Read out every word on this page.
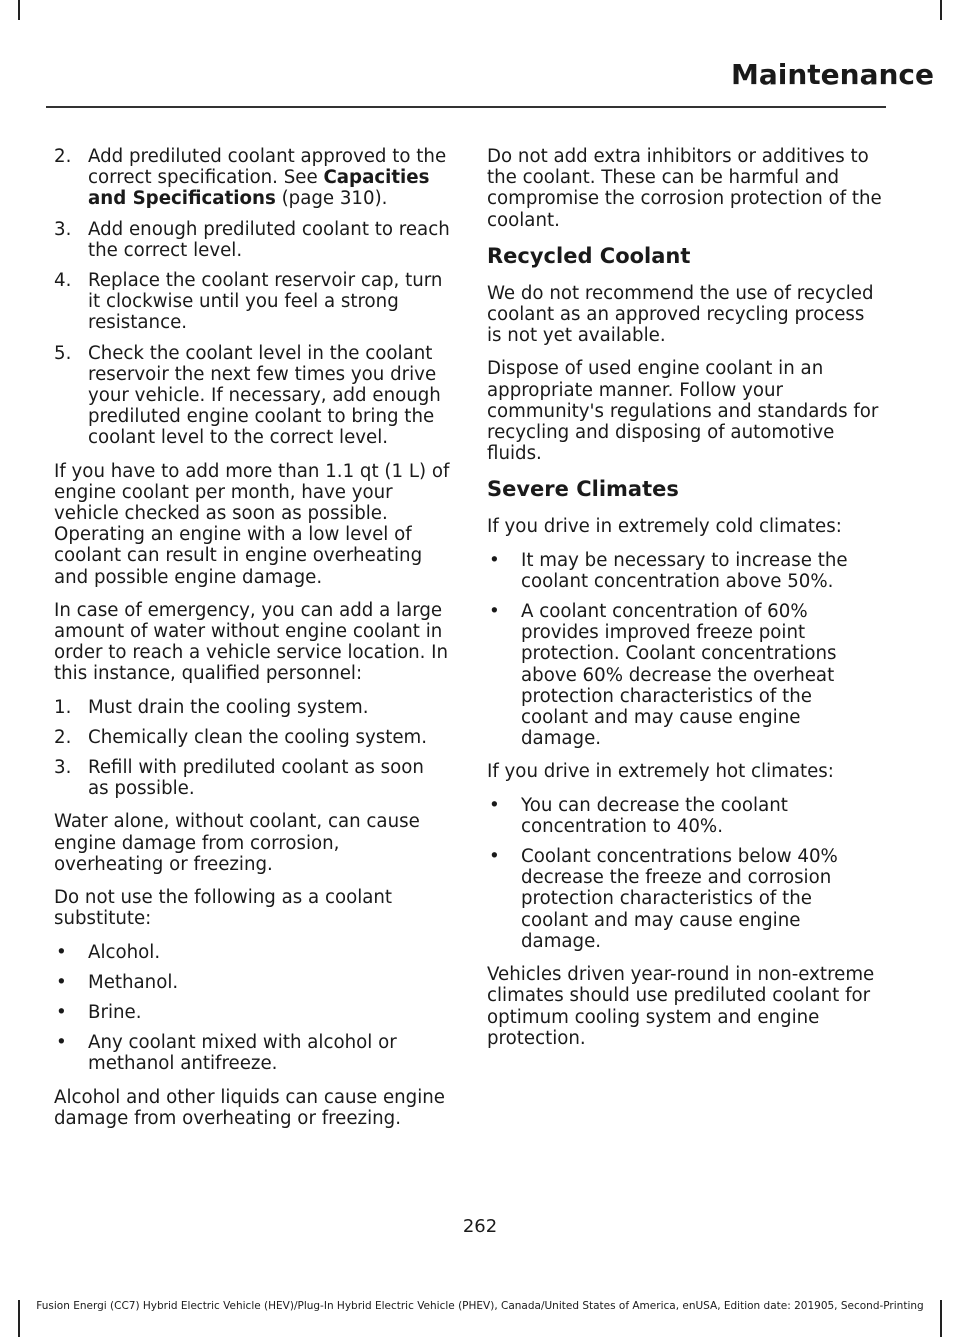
Maintenance
2. Add prediluted coolant approved to the correct specification. See Capacities and Specifications (page 310).
3. Add enough prediluted coolant to reach the correct level.
4. Replace the coolant reservoir cap, turn it clockwise until you feel a strong resistance.
5. Check the coolant level in the coolant reservoir the next few times you drive your vehicle. If necessary, add enough prediluted engine coolant to bring the coolant level to the correct level.

If you have to add more than 1.1 qt (1 L) of engine coolant per month, have your vehicle checked as soon as possible. Operating an engine with a low level of coolant can result in engine overheating and possible engine damage.

In case of emergency, you can add a large amount of water without engine coolant in order to reach a vehicle service location. In this instance, qualified personnel:

1. Must drain the cooling system.
2. Chemically clean the cooling system.
3. Refill with prediluted coolant as soon as possible.

Water alone, without coolant, can cause engine damage from corrosion, overheating or freezing.

Do not use the following as a coolant substitute:

•	Alcohol.
•	Methanol.
•	Brine.
•	Any coolant mixed with alcohol or methanol antifreeze.

Alcohol and other liquids can cause engine damage from overheating or freezing.

Do not add extra inhibitors or additives to the coolant. These can be harmful and compromise the corrosion protection of the coolant.

Recycled Coolant

We do not recommend the use of recycled coolant as an approved recycling process is not yet available.

Dispose of used engine coolant in an appropriate manner. Follow your community's regulations and standards for recycling and disposing of automotive fluids.

Severe Climates

If you drive in extremely cold climates:

•	It may be necessary to increase the coolant concentration above 50%.
•	A coolant concentration of 60% provides improved freeze point protection. Coolant concentrations above 60% decrease the overheat protection characteristics of the coolant and may cause engine damage.

If you drive in extremely hot climates:

•	You can decrease the coolant concentration to 40%.
•	Coolant concentrations below 40% decrease the freeze and corrosion protection characteristics of the coolant and may cause engine damage.

Vehicles driven year-round in non-extreme climates should use prediluted coolant for optimum cooling system and engine protection.

262
Fusion Energi (CC7) Hybrid Electric Vehicle (HEV)/Plug-In Hybrid Electric Vehicle (PHEV), Canada/United States of America, enUSA, Edition date: 201905, Second-Printing
